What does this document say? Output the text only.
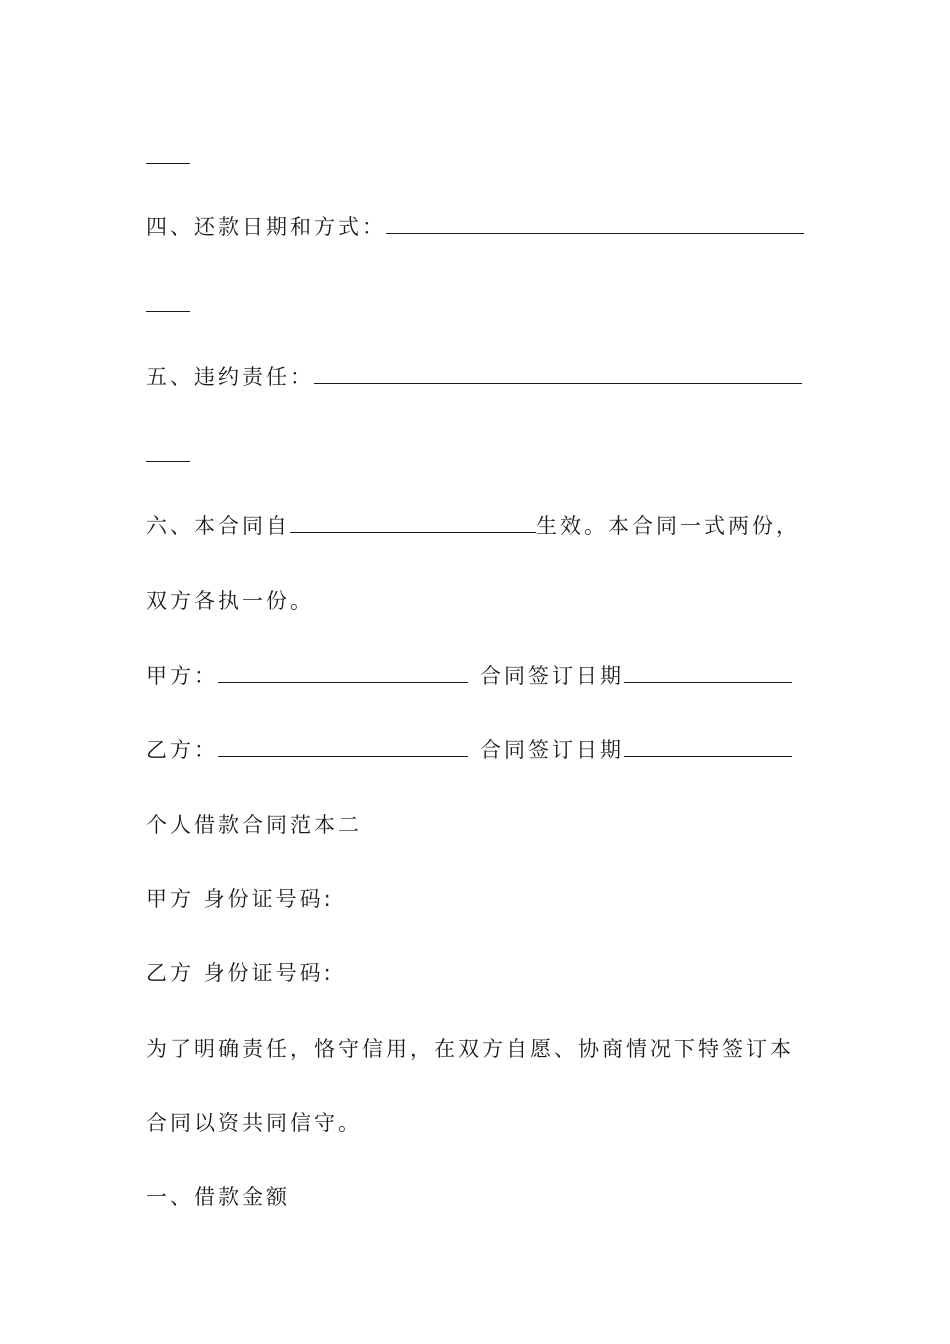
四、还款日期和方式：
五、违约责任：
六、本合同自	生效。本合同一式两份，
双方各执一份。
甲方：	合同签订日期
乙方：	合同签订日期
个人借款合同范本二
甲方 身份证号码:
乙方 身份证号码:
为了明确责任，恪守信用，在双方自愿、协商情况下特签订本
合同以资共同信守。
一、借款金额
